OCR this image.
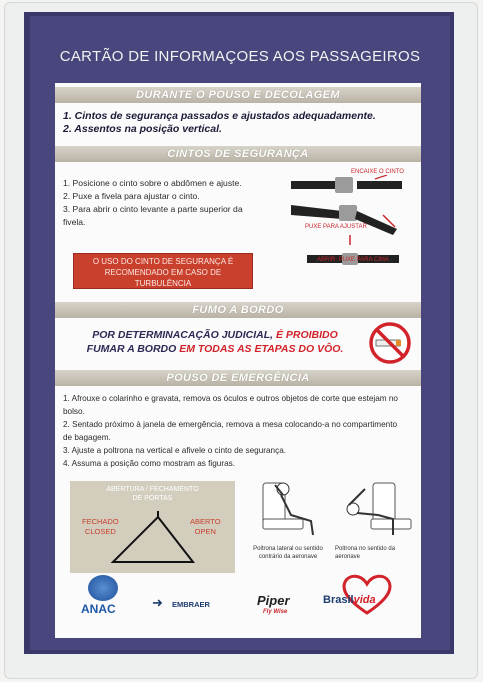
CARTÃO DE INFORMAÇOES AOS PASSAGEIROS
DURANTE O POUSO E DECOLAGEM
1. Cintos de segurança passados e ajustados adequadamente.
2. Assentos na posição vertical.
CINTOS DE SEGURANÇA
1. Posicione o cinto sobre o abdômen e ajuste.
2. Puxe a fivela para ajustar o cinto.
3. Para abrir o cinto levante a parte superior da
fivela.
O USO DO CINTO DE SEGURANÇA É
RECOMENDADO EM CASO DE
TURBULÊNCIA
ENCAIXE O CINTO
PUXE PARA AJUSTAR
ABRIR: PUXE PARA CIMA
FUMO A BORDO
POR DETERMINACAÇÃO JUDICIAL, É PROIBIDO
FUMAR A BORDO EM TODAS AS ETAPAS DO VÔO.
POUSO DE EMERGÊNCIA
1. Afrouxe o colarinho e gravata, remova os óculos e outros objetos de corte que estejam no
bolso.
2. Sentado próximo à janela de emergência, remova a mesa colocando-a no compartimento
de bagagem.
3. Ajuste a poltrona na vertical e afivele o cinto de segurança.
4. Assuma a posição como mostram as figuras.
ABERTURA / FECHAMENTO
DE PORTAS
FECHADO
CLOSED
ABERTO
OPEN
Poltrona lateral ou sentido
contrário da aeronave
Poltrona no sentido da
aeronave
ANAC	➜ EMBRAER	Piper
Fly Wise
Brasilvida
